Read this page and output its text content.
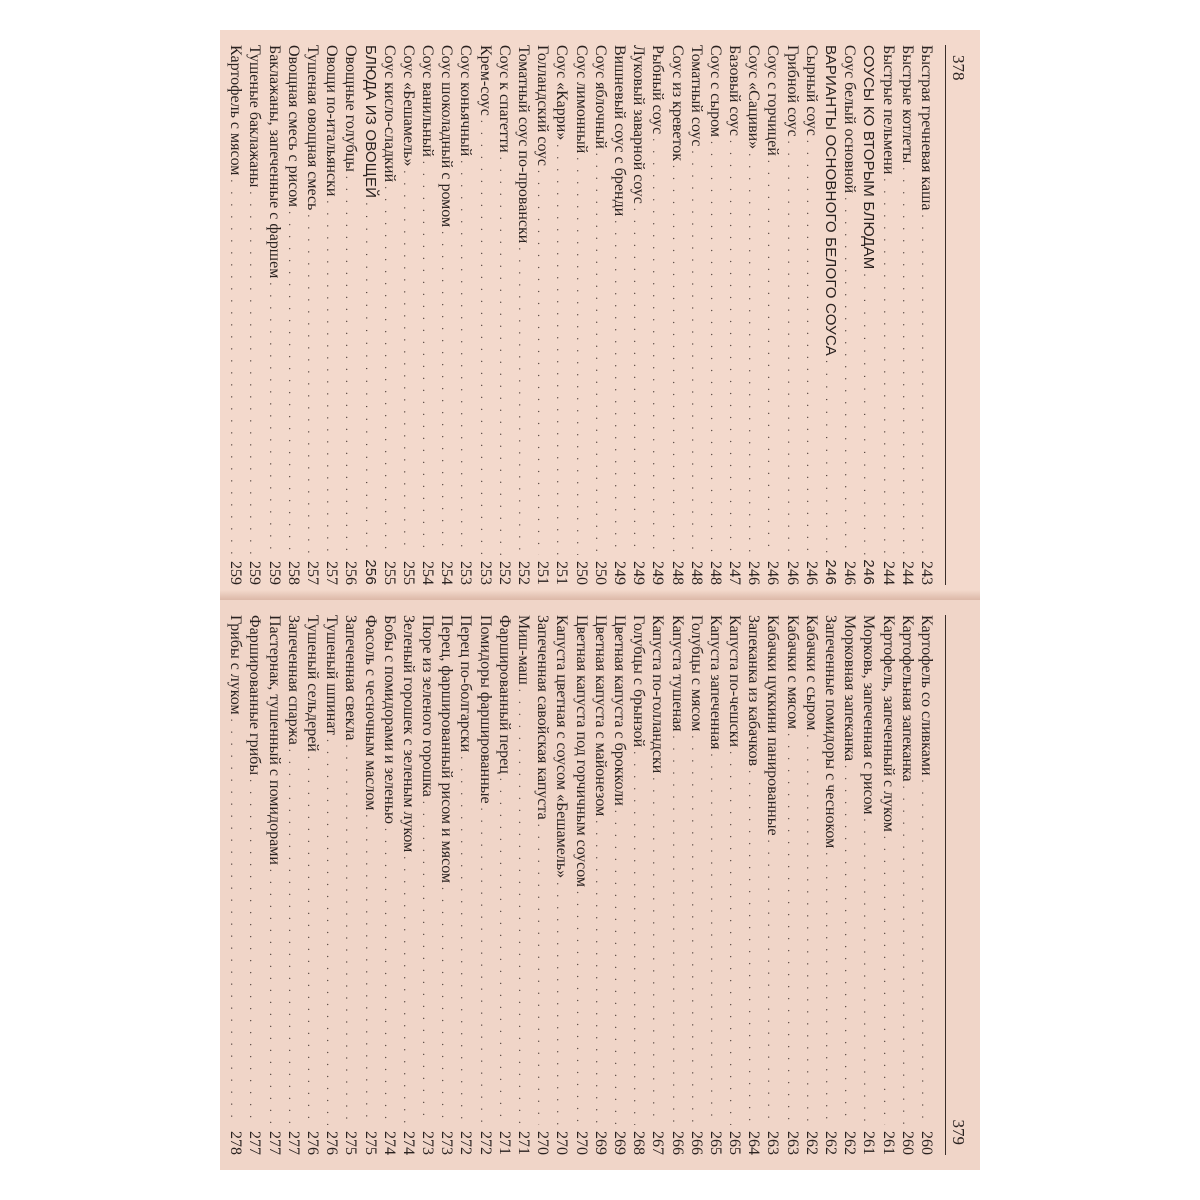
378
Быстрая гречневая каша
. . .
243
Быстрые котлеты
. . .
244
Быстрые пельмени
. . .
244
СОУСЫ КО ВТОРЫМ БЛЮДАМ
. . .
246
Соус белый основной
. . .
246
ВАРИАНТЫ ОСНОВНОГО БЕЛОГО СОУСА
. . .
246
Сырный соус
. . .
246
Грибной соус
. . .
246
Соус с горчицей
. . .
246
Соус «Сациви»
. . .
246
Базовый соус
. . .
247
Соус с сыром
. . .
248
Томатный соус
. . .
248
Соус из креветок
. . .
248
Рыбный соус
. . .
249
Луковый заварной соус
. . .
249
Вишневый соус с бренди
. . .
249
Соус яблочный
. . .
250
Соус лимонный
. . .
250
Соус «Карри»
. . .
251
Голландский соус
. . .
251
Томатный соус по-провански
. . .
252
Соус к спагетти
. . .
252
Крем-соус
. . .
253
Соус коньячный
. . .
253
Соус шоколадный с ромом
. . .
254
Соус ванильный
. . .
254
Соус «Бешамель»
. . .
255
Соус кисло-сладкий
. . .
255
БЛЮДА ИЗ ОВОЩЕЙ
. . .
256
Овощные голубцы
. . .
256
Овощи по-итальянски
. . .
257
Тушеная овощная смесь
. . .
257
Овощная смесь с рисом
. . .
258
Баклажаны, запеченные с фаршем
. . .
259
Тушеные баклажаны
. . .
259
Картофель с мясом
. . .
259
379
Картофель со сливками
. . .
260
Картофельная запеканка
. . .
260
Картофель, запеченный с луком
. . .
261
Морковь, запеченная с рисом
. . .
261
Морковная запеканка
. . .
262
Запеченные помидоры с чесноком
. . .
262
Кабачки с сыром
. . .
262
Кабачки с мясом
. . .
263
Кабачки цуккини панированные
. . .
263
Запеканка из кабачков
. . .
264
Капуста по-чешски
. . .
265
Капуста запеченная
. . .
265
Голубцы с мясом
. . .
266
Капуста тушеная
. . .
266
Капуста по-голландски
. . .
267
Голубцы с брынзой
. . .
268
Цветная капуста с брокколи
. . .
269
Цветная капуста с майонезом
. . .
269
Цветная капуста под горчичным соусом
. . .
270
Капуста цветная с соусом «Бешамель»
. . .
270
Запеченная савойская капуста
. . .
270
Миш-маш
. . .
271
Фаршированный перец
. . .
271
Помидоры фаршированные
. . .
272
Перец по-болгарски
. . .
272
Перец, фаршированный рисом и мясом
. . .
273
Пюре из зеленого горошка
. . .
273
Зеленый горошек с зеленым луком
. . .
274
Бобы с помидорами и зеленью
. . .
274
Фасоль с чесночным маслом
. . .
275
Запеченная свекла
. . .
275
Тушеный шпинат
. . .
276
Тушеный сельдерей
. . .
276
Запеченная спаржа
. . .
277
Пастернак, тушенный с помидорами
. . .
277
Фаршированные грибы
. . .
277
Грибы с луком
. . .
278
